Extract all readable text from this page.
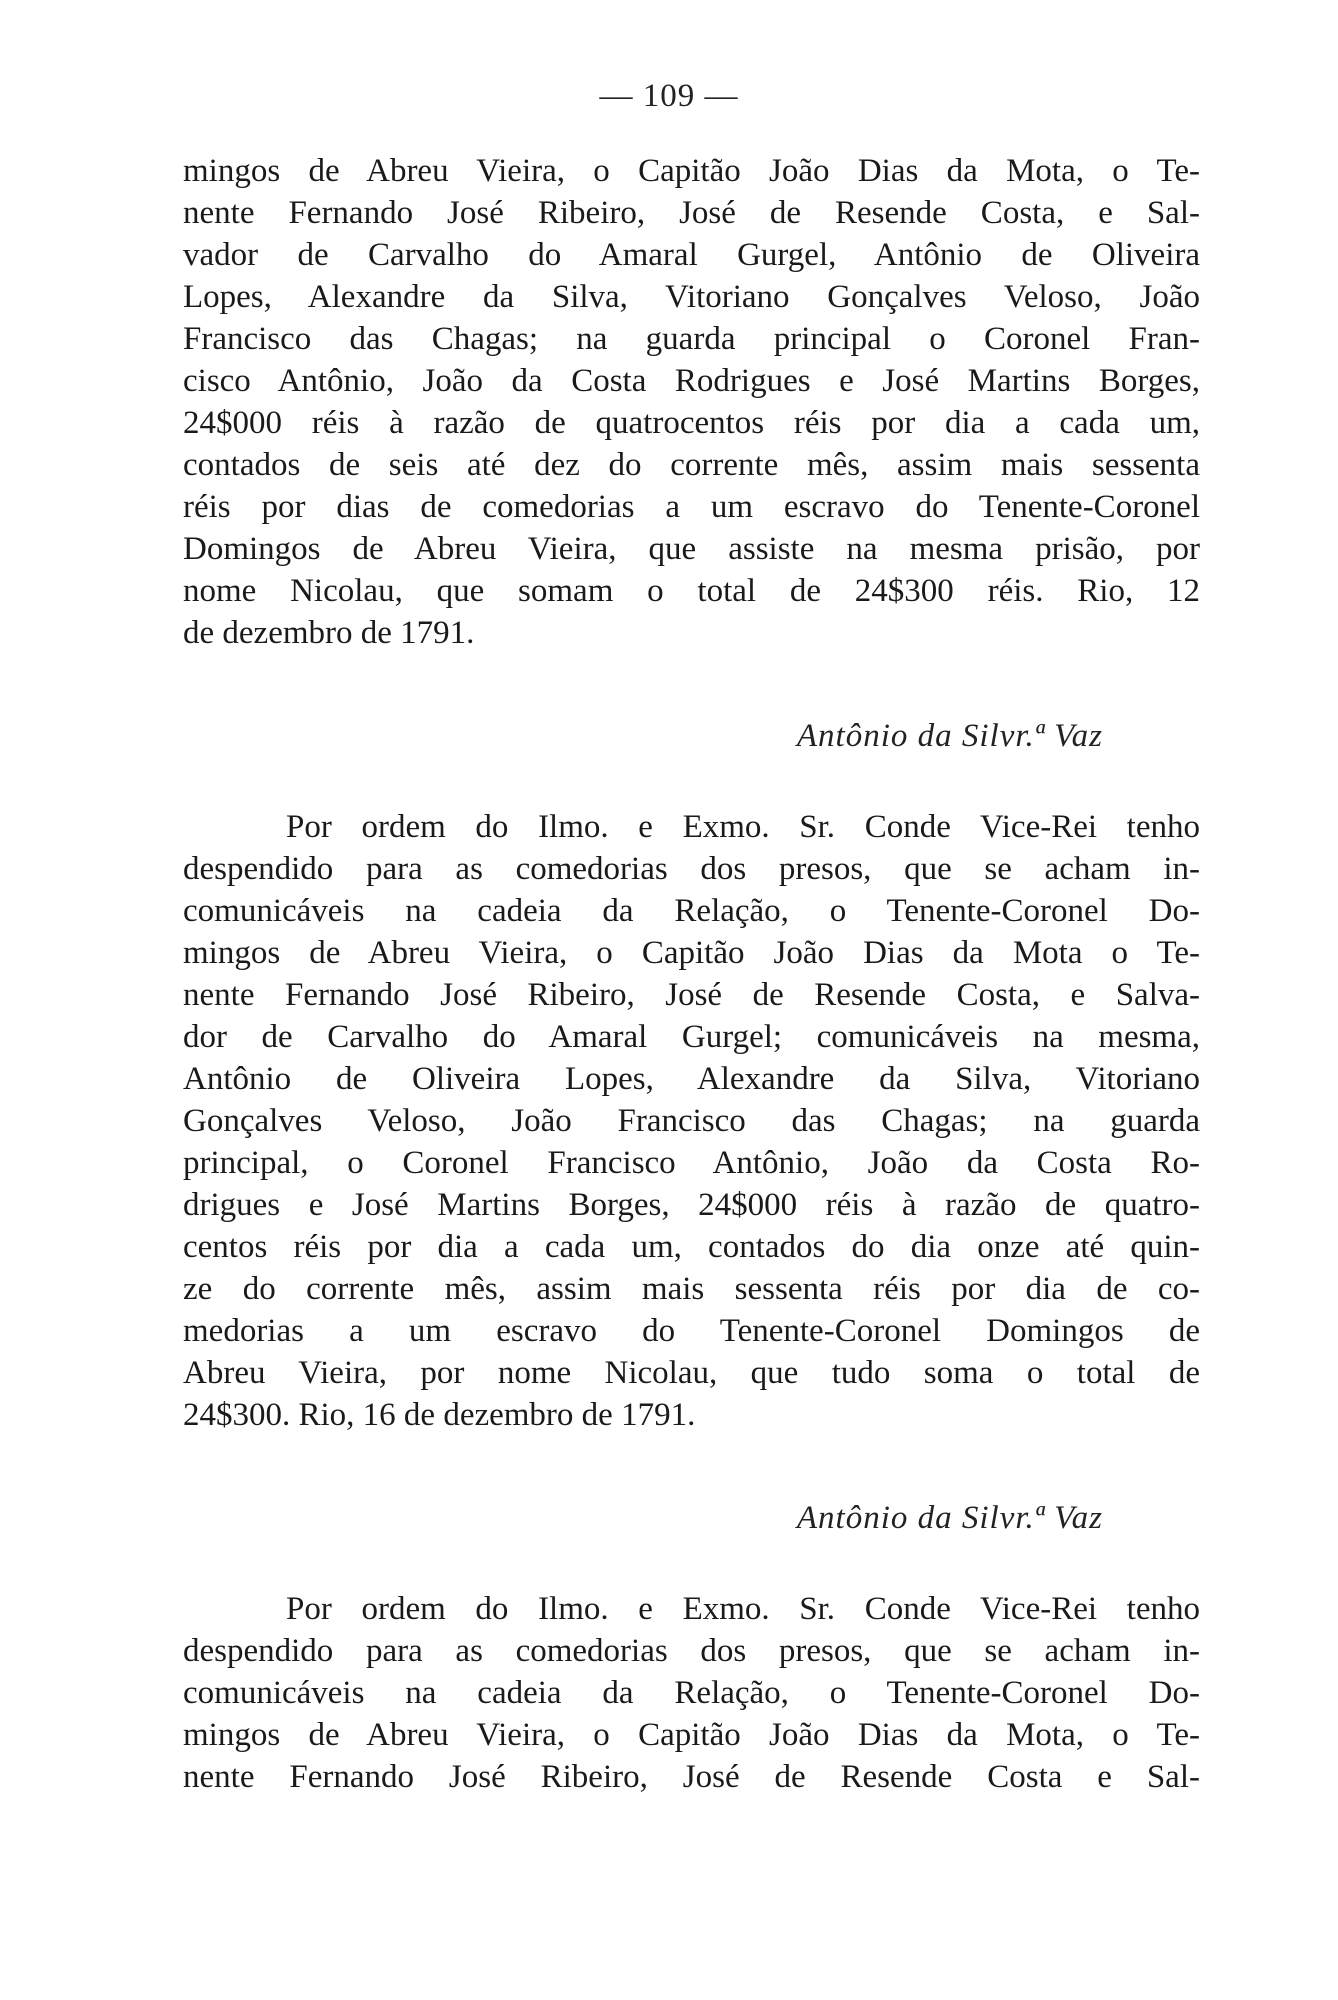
— 109 —
mingos de Abreu Vieira, o Capitão João Dias da Mota, o Te-
nente Fernando José Ribeiro, José de Resende Costa, e Sal-
vador de Carvalho do Amaral Gurgel, Antônio de Oliveira
Lopes, Alexandre da Silva, Vitoriano Gonçalves Veloso, João
Francisco das Chagas; na guarda principal o Coronel Fran-
cisco Antônio, João da Costa Rodrigues e José Martins Borges,
24$000 réis à razão de quatrocentos réis por dia a cada um,
contados de seis até dez do corrente mês, assim mais sessenta
réis por dias de comedorias a um escravo do Tenente-Coronel
Domingos de Abreu Vieira, que assiste na mesma prisão, por
nome Nicolau, que somam o total de 24$300 réis. Rio, 12
de dezembro de 1791.
Antônio da Silvr.ª Vaz
Por ordem do Ilmo. e Exmo. Sr. Conde Vice-Rei tenho
despendido para as comedorias dos presos, que se acham in-
comunicáveis na cadeia da Relação, o Tenente-Coronel Do-
mingos de Abreu Vieira, o Capitão João Dias da Mota o Te-
nente Fernando José Ribeiro, José de Resende Costa, e Salva-
dor de Carvalho do Amaral Gurgel; comunicáveis na mesma,
Antônio de Oliveira Lopes, Alexandre da Silva, Vitoriano
Gonçalves Veloso, João Francisco das Chagas; na guarda
principal, o Coronel Francisco Antônio, João da Costa Ro-
drigues e José Martins Borges, 24$000 réis à razão de quatro-
centos réis por dia a cada um, contados do dia onze até quin-
ze do corrente mês, assim mais sessenta réis por dia de co-
medorias a um escravo do Tenente-Coronel Domingos de
Abreu Vieira, por nome Nicolau, que tudo soma o total de
24$300. Rio, 16 de dezembro de 1791.
Antônio da Silvr.ª Vaz
Por ordem do Ilmo. e Exmo. Sr. Conde Vice-Rei tenho
despendido para as comedorias dos presos, que se acham in-
comunicáveis na cadeia da Relação, o Tenente-Coronel Do-
mingos de Abreu Vieira, o Capitão João Dias da Mota, o Te-
nente Fernando José Ribeiro, José de Resende Costa e Sal-
